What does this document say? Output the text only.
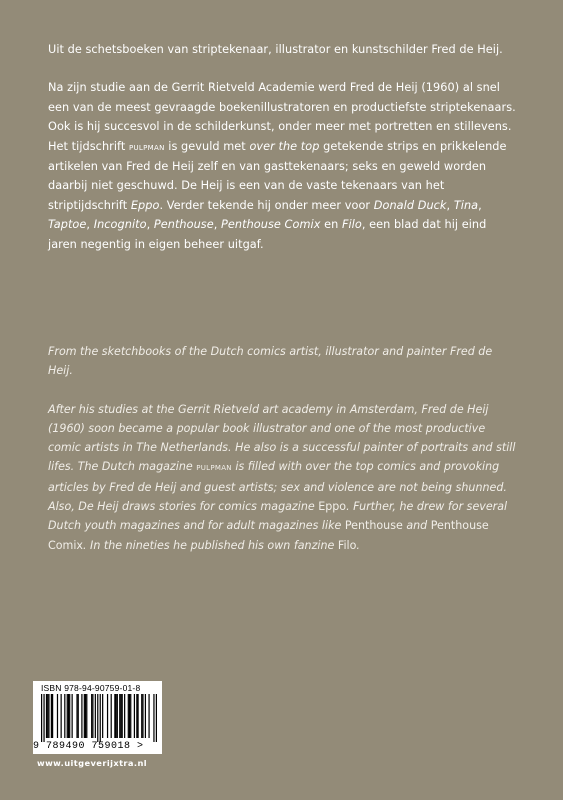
Uit de schetsboeken van striptekenaar, illustrator en kunstschilder Fred de Heij.

Na zijn studie aan de Gerrit Rietveld Academie werd Fred de Heij (1960) al snel een van de meest gevraagde boekenillustratoren en productiefste striptekenaars. Ook is hij succesvol in de schilderkunst, onder meer met portretten en stillevens. Het tijdschrift pulpman is gevuld met over the top getekende strips en prikkelende artikelen van Fred de Heij zelf en van gasttekenaars; seks en geweld worden daarbij niet geschuwd. De Heij is een van de vaste tekenaars van het striptijdschrift Eppo. Verder tekende hij onder meer voor Donald Duck, Tina, Taptoe, Incognito, Penthouse, Penthouse Comix en Filo, een blad dat hij eind jaren negentig in eigen beheer uitgaf.

From the sketchbooks of the Dutch comics artist, illustrator and painter Fred de Heij.

After his studies at the Gerrit Rietveld art academy in Amsterdam, Fred de Heij (1960) soon became a popular book illustrator and one of the most productive comic artists in The Netherlands. He also is a successful painter of portraits and still lifes. The Dutch magazine pulpman is filled with over the top comics and provoking articles by Fred de Heij and guest artists; sex and violence are not being shunned. Also, De Heij draws stories for comics magazine Eppo. Further, he drew for several Dutch youth magazines and for adult magazines like Penthouse and Penthouse Comix. In the nineties he published his own fanzine Filo.

ISBN 978-94-90759-01-8
9 789490 759018 >
www.uitgeverijxtra.nl
